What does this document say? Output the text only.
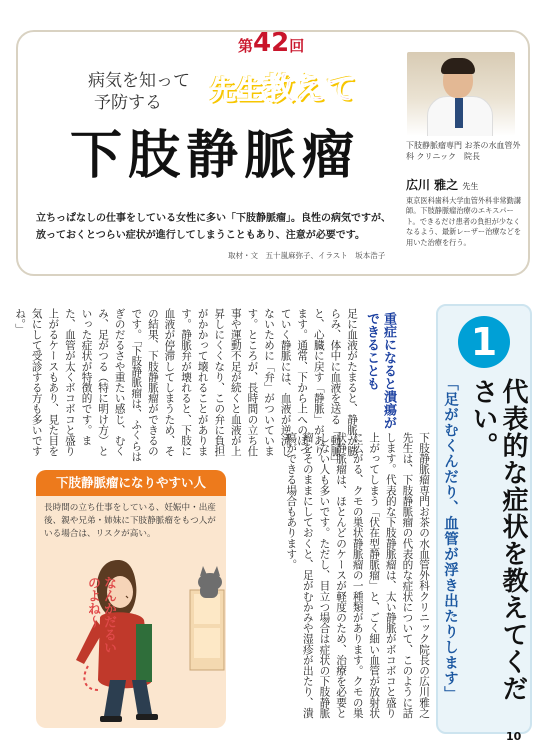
第42回
病気を知って
予防する	先生教えて
下肢静脈瘤	下肢静脈瘤専門 お茶の水血管外科 クリニック　院長
広川 雅之 先生
東京医科歯科大学血管外科非常勤講師。下肢静脈瘤治療のエキスパート。できるだけ患者の負担が少なくなるよう、最新レーザー治療などを用いた治療を行う。
立ちっぱなしの仕事をしている女性に多い「下肢静脈瘤」。良性の病気ですが、放っておくとつらい症状が進行してしまうこともあり、注意が必要です。
取材・文　五十嵐麻弥子、イラスト　坂本浩子
1
代表的な症状を教えてください。
「足がむくんだり、血管が浮き出たりします」
重症になると潰瘍ができることも
下肢静脈瘤専門お茶の水血管外科クリニック院長の広川雅之先生は、下肢静脈瘤の代表的な症状について、このように話します。代表的な下肢静脈瘤は、太い静脈がボコボコと盛り上がってしまう「伏在型静脈瘤」と、ごく細い血管が放射状に広がる、クモの巣状静脈瘤の一種類があります。クモの巣状静脈瘤は、ほとんどのケースが軽度のため、治療を必要としない人も多いです。ただし、目立つ場合は症状の下肢静脈瘤をそのままにしておくと、足がむかみや湿疹が出たり、潰瘍ができる場合もあります。
足に血液がたまると、静脈が膨らみ、体中に血液を送る「動脈」と、心臓に戻す「静脈」があります。通常、下から上へのぼっていく静脈には、血液が逆流しないために「弁」がついています。ところが、長時間の立ち仕事や運動不足が続くと血液が上昇しにくくなり、この弁に負担がかかって壊れることがあります。静脈弁が壊れると、下肢に血液が停滞してしまうため、その結果、下肢静脈瘤ができるのです。「下肢静脈瘤は、ふくらはぎのだるさや重たい感じ、むくみ、足がつる（特に明け方）といった症状が特徴的です。また、血管が太くボコボコと盛り上がるケースもあり、見た目を気にして受診する方も多いですね。」
下肢静脈瘤になりやすい人
長時間の立ち仕事をしている、妊娠中・出産後、親や兄弟・姉妹に下肢静脈瘤をもつ人がいる場合は、リスクが高い。
なんかだるいのよね〜
10
